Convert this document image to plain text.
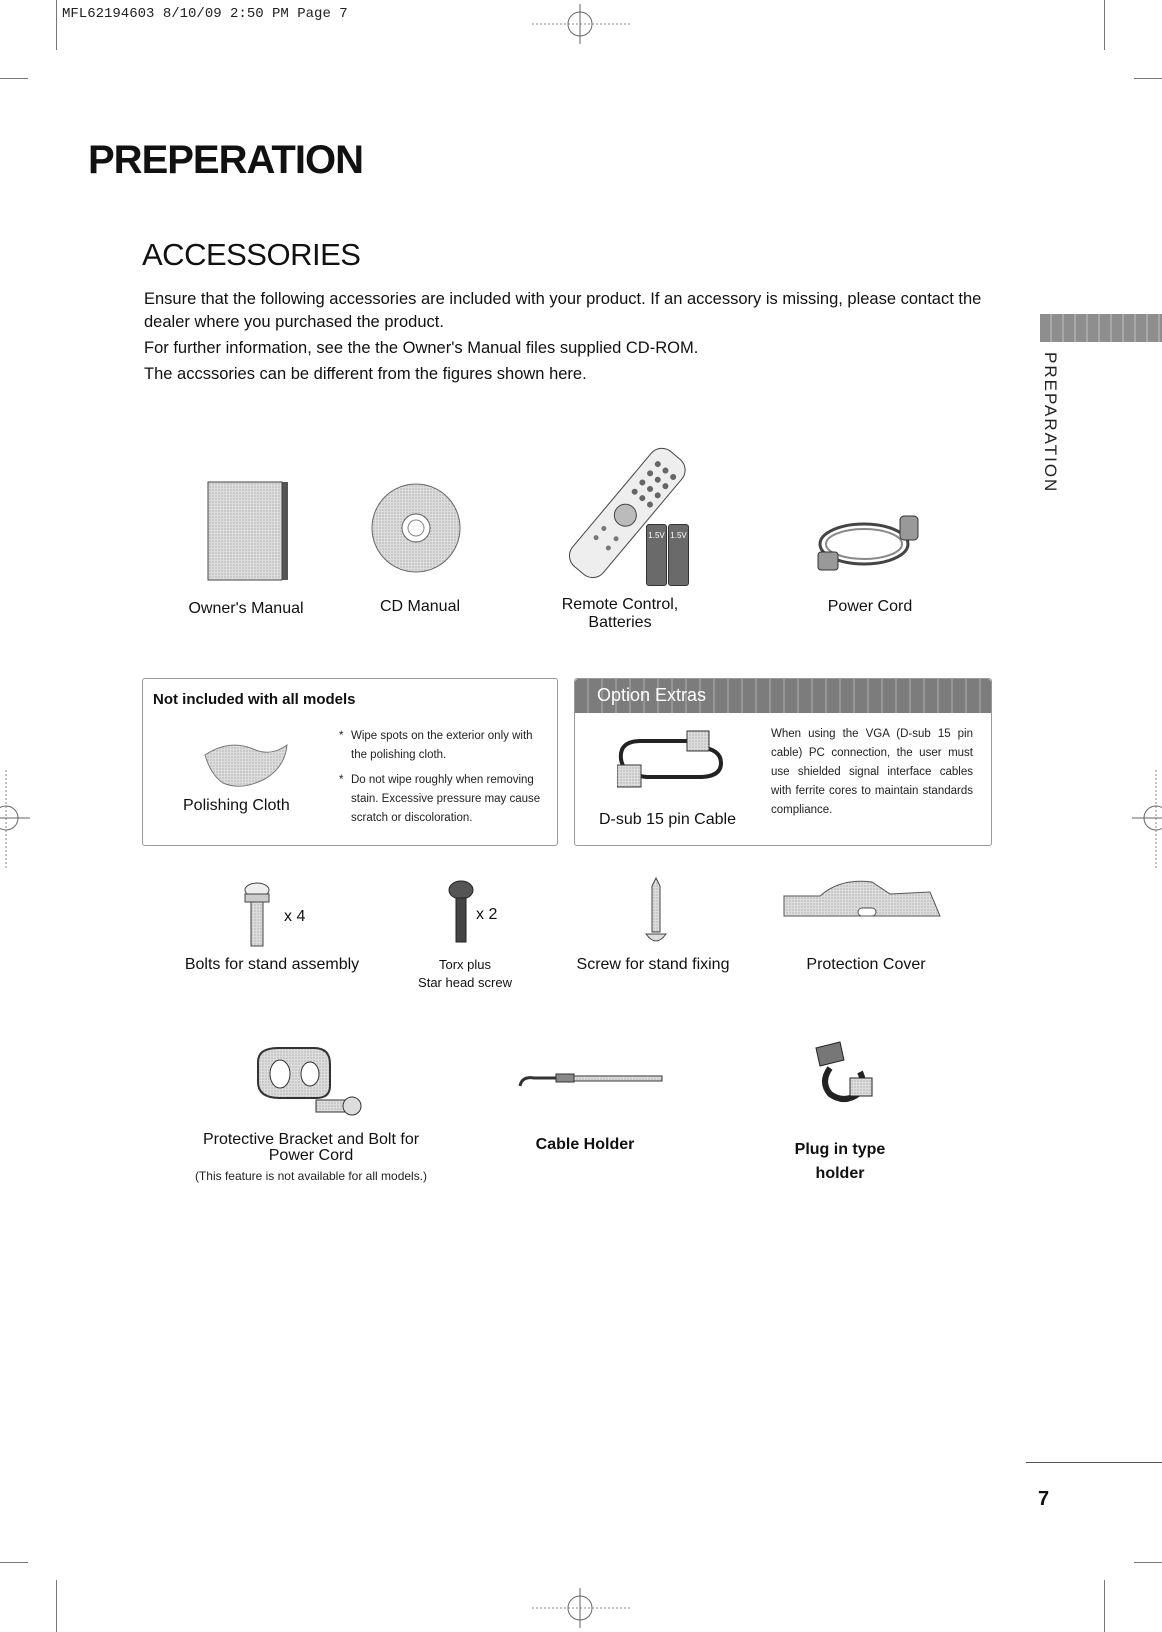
MFL62194603 8/10/09 2:50 PM Page 7
PREPERATION
ACCESSORIES

Ensure that the following accessories are included with your product. If an accessory is missing, please contact the dealer where you purchased the product.

For further information, see the the Owner's Manual files supplied CD-ROM.

The accssories can be different from the figures shown here.	PREPARATION
1.5V 1.5V
Owner's Manual	CD Manual	Remote Control,
Batteries
Power Cord
Not included with all models
Polishing Cloth
* Wipe spots on the exterior only with the polishing cloth.
* Do not wipe roughly when removing stain. Excessive pressure may cause scratch or discoloration.
Option Extras
D-sub 15 pin Cable
When using the VGA (D-sub 15 pin cable) PC connection, the user must use shielded signal interface cables with ferrite cores to maintain standards compliance.
x 4	x 2
Bolts for stand assembly	Torx plus
Star head screw
Screw for stand fixing	Protection Cover
Protective Bracket and Bolt for
Power Cord
(This feature is not available for all models.)
Cable Holder	Plug in type
holder
7
